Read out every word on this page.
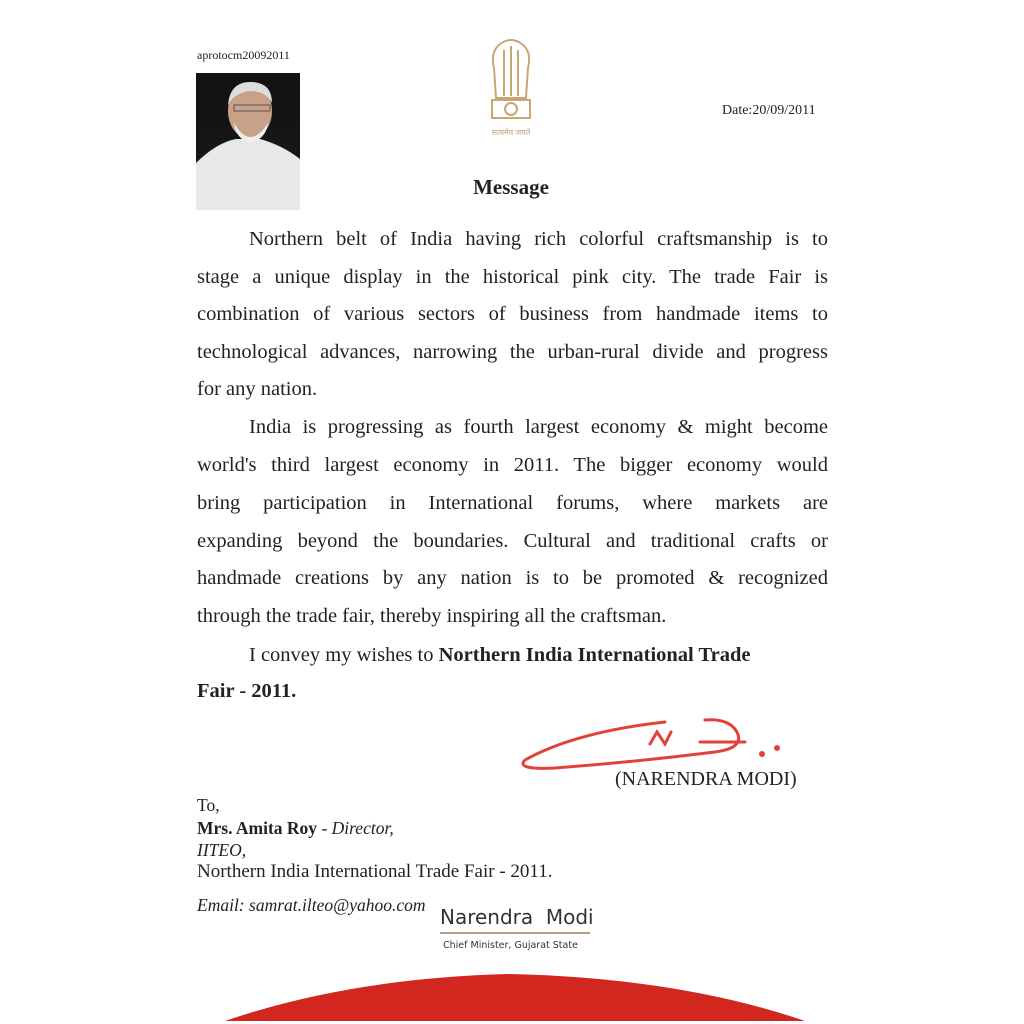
aprotocm20092011
सत्यमेव जयते
Date:20/09/2011
Message
Northern belt of India having rich colorful craftsmanship is to
stage a unique display in the historical pink city. The trade Fair is
combination of various sectors of business from handmade items to
technological advances, narrowing the urban-rural divide and progress
for any nation.
India is progressing as fourth largest economy & might become
world's third largest economy in 2011. The bigger economy would
bring participation in International forums, where markets are
expanding beyond the boundaries. Cultural and traditional crafts or
handmade creations by any nation is to be promoted & recognized
through the trade fair, thereby inspiring all the craftsman.
I convey my wishes to Northern India International Trade
Fair - 2011.
(NARENDRA MODI)
To,
Mrs. Amita Roy - Director,
IITEO,
Northern India International Trade Fair - 2011.
Email: samrat.ilteo@yahoo.com Narendra  Modi
Chief Minister, Gujarat State
